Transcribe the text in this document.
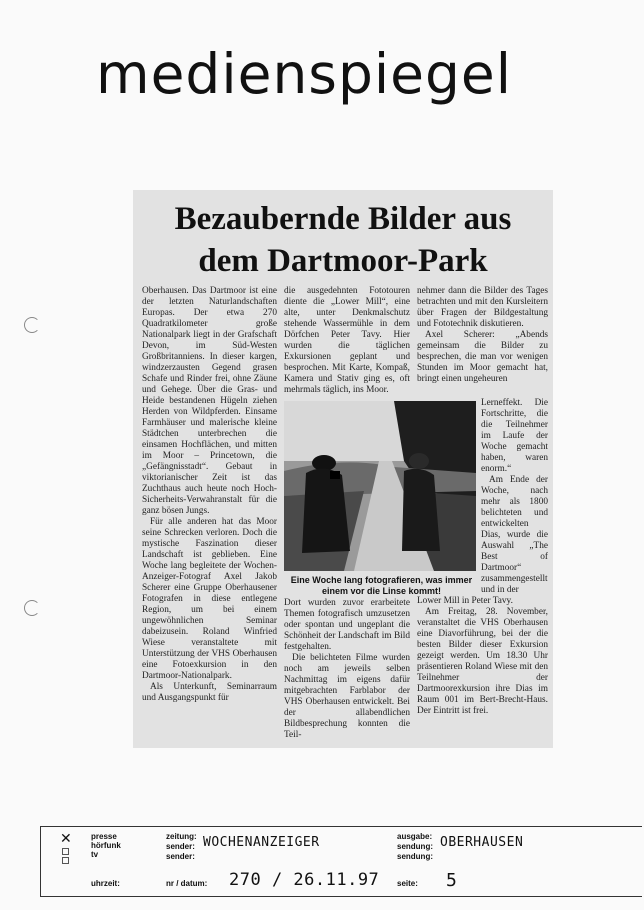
medienspiegel
Bezaubernde Bilder aus
dem Dartmoor-Park

Oberhausen. Das Dartmoor ist eine der letzten Naturlandschaften Europas. Der etwa 270 Quadratkilometer große Nationalpark liegt in der Grafschaft Devon, im Süd-Westen Großbritanniens. In dieser kargen, windzerzausten Gegend grasen Schafe und Rinder frei, ohne Zäune und Gehege. Über die Gras- und Heide bestandenen Hügeln ziehen Herden von Wildpferden. Einsame Farmhäuser und malerische kleine Städtchen unterbrechen die einsamen Hochflächen, und mitten im Moor – Princetown, die „Gefängnisstadt“. Gebaut in viktorianischer Zeit ist das Zuchthaus auch heute noch Hoch-Sicherheits-Verwahranstalt für die ganz bösen Jungs.

Für alle anderen hat das Moor seine Schrecken verloren. Doch die mystische Faszination dieser Landschaft ist geblieben. Eine Woche lang begleitete der Wochen-Anzeiger-Fotograf Axel Jakob Scherer eine Gruppe Oberhausener Fotografen in diese entlegene Region, um bei einem ungewöhnlichen Seminar dabeizusein. Roland Winfried Wiese veranstaltete mit Unterstützung der VHS Oberhausen eine Fotoexkursion in den Dartmoor-Nationalpark.

Als Unterkunft, Seminarraum und Ausgangspunkt für

die ausgedehnten Fototouren diente die „Lower Mill“, eine alte, unter Denkmalschutz stehende Wassermühle in dem Dörfchen Peter Tavy. Hier wurden die täglichen Exkursionen geplant und besprochen. Mit Karte, Kompaß, Kamera und Stativ ging es, oft mehrmals täglich, ins Moor.

nehmer dann die Bilder des Tages betrachten und mit den Kursleitern über Fragen der Bildgestaltung und Fototechnik diskutieren.

Axel Scherer: „Abends gemeinsam die Bilder zu besprechen, die man vor wenigen Stunden im Moor gemacht hat, bringt einen ungeheuren

Eine Woche lang fotografieren, was immer einem vor die Linse kommt!

Lerneffekt. Die Fortschritte, die die Teilnehmer im Laufe der Woche gemacht haben, waren enorm.“

Am Ende der Woche, nach mehr als 1800 belichteten und entwickelten Dias, wurde die Auswahl „The Best of Dartmoor“ zusammengestellt und in der

Dort wurden zuvor erarbeitete Themen fotografisch umzusetzen oder spontan und ungeplant die Schönheit der Landschaft im Bild festgehalten.

Die belichteten Filme wurden noch am jeweils selben Nachmittag im eigens dafür mitgebrachten Farblabor der VHS Oberhausen entwickelt. Bei der allabendlichen Bildbesprechung konnten die Teil-

Lower Mill in Peter Tavy.

Am Freitag, 28. November, veranstaltet die VHS Oberhausen eine Diavorführung, bei der die besten Bilder dieser Exkursion gezeigt werden. Um 18.30 Uhr präsentieren Roland Wiese mit den Teilnehmer der Dartmoorexkursion ihre Dias im Raum 001 im Bert-Brecht-Haus. Der Eintritt ist frei.

✕ presse
hörfunk
tv
uhrzeit:
zeitung:
sender:
sender:
nr / datum:
ausgabe:
sendung:
sendung:
seite:
WOCHENANZEIGER	OBERHAUSEN
270 / 26.11.97	5
